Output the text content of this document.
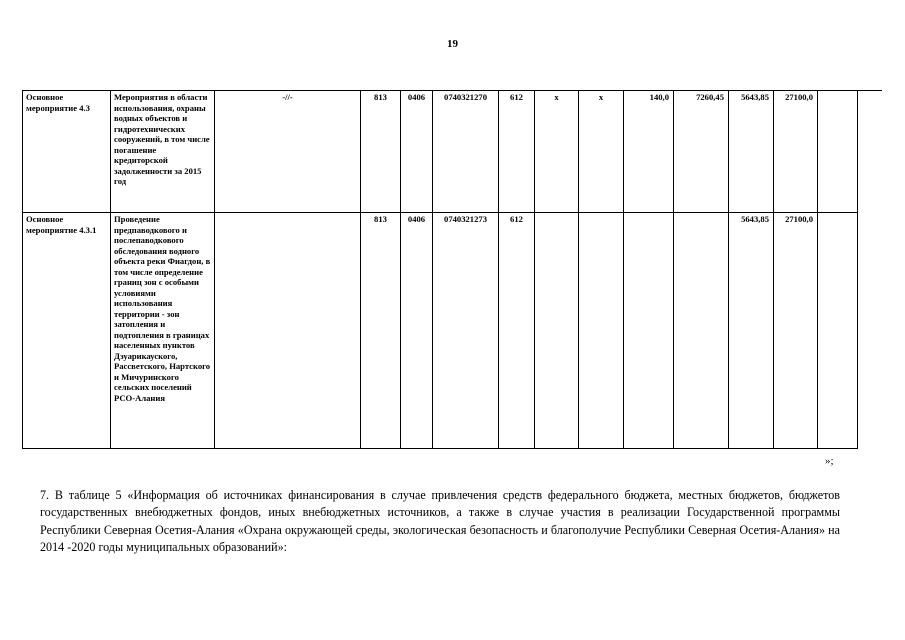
19
Основное мероприятие 4.3	Мероприятия в области использования, охраны водных объектов и гидротехнических сооружений, в том числе погашение кредиторской задолженности за 2015 год	-//-	813	0406	0740321270	612	x	x	140,0	7260,45	5643,85	27100,0		
Основное мероприятие 4.3.1	Проведение предпаводкового и послепаводкового обследования водного объекта реки Фиагдон, в том числе определение границ зон с особыми условиями использования территории - зон затопления и подтопления в границах населенных пунктов Дзуарикауского, Рассветского, Нартского и Мичуринского сельских поселений РСО-Алания		813	0406	0740321273	612					5643,85	27100,0		
»;
7. В таблице 5 «Информация об источниках финансирования в случае привлечения средств федерального бюджета, местных бюджетов, бюджетов государственных внебюджетных фондов, иных внебюджетных источников, а также в случае участия в реализации Государственной программы Республики Северная Осетия-Алания «Охрана окружающей среды, экологическая безопасность и благополучие Республики Северная Осетия-Алания» на 2014 -2020 годы муниципальных образований»:
